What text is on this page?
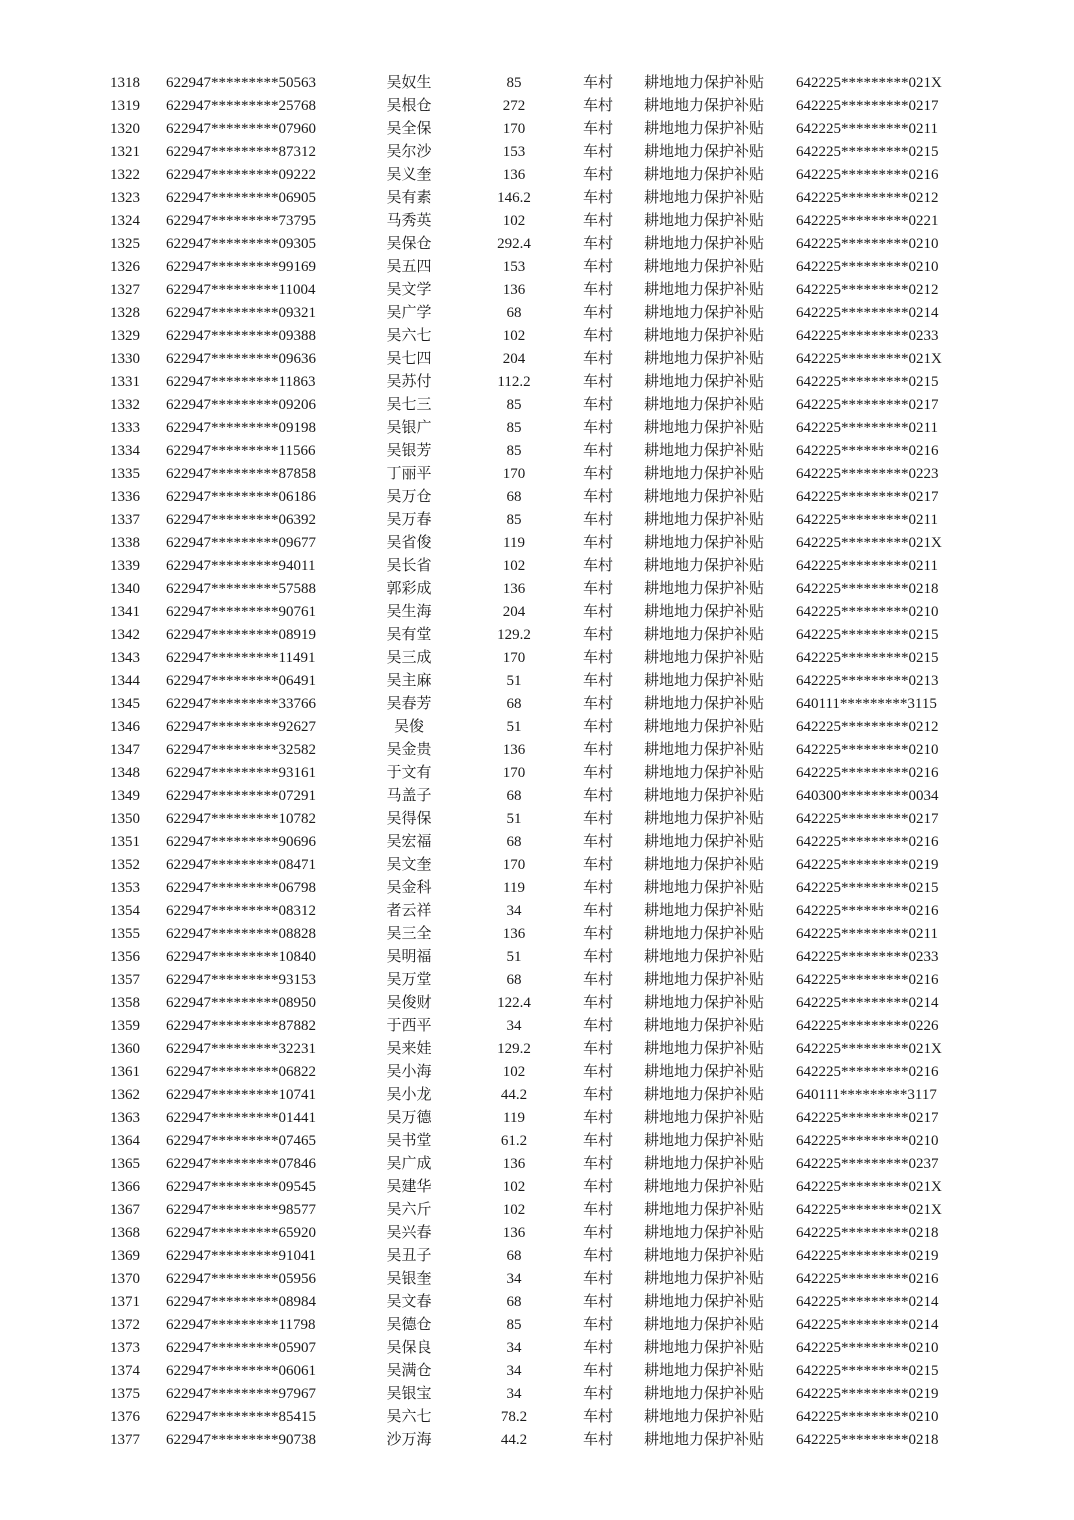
1318 622947*********50563	吴奴生	85	车村	耕地地力保护补贴 642225*********021X
1319 622947*********25768	吴根仓	272	车村	耕地地力保护补贴 642225*********0217
1320 622947*********07960	吴全保	170	车村	耕地地力保护补贴 642225*********0211
1321 622947*********87312	吴尔沙	153	车村	耕地地力保护补贴 642225*********0215
1322 622947*********09222	吴义奎	136	车村	耕地地力保护补贴 642225*********0216
1323 622947*********06905	吴有素	146.2	车村	耕地地力保护补贴 642225*********0212
1324 622947*********73795	马秀英	102	车村	耕地地力保护补贴 642225*********0221
1325 622947*********09305	吴保仓	292.4	车村	耕地地力保护补贴 642225*********0210
1326 622947*********99169	吴五四	153	车村	耕地地力保护补贴 642225*********0210
1327 622947*********11004	吴文学	136	车村	耕地地力保护补贴 642225*********0212
1328 622947*********09321	吴广学	68	车村	耕地地力保护补贴 642225*********0214
1329 622947*********09388	吴六七	102	车村	耕地地力保护补贴 642225*********0233
1330 622947*********09636	吴七四	204	车村	耕地地力保护补贴 642225*********021X
1331 622947*********11863	吴苏付	112.2	车村	耕地地力保护补贴 642225*********0215
1332 622947*********09206	吴七三	85	车村	耕地地力保护补贴 642225*********0217
1333 622947*********09198	吴银广	85	车村	耕地地力保护补贴 642225*********0211
1334 622947*********11566	吴银芳	85	车村	耕地地力保护补贴 642225*********0216
1335 622947*********87858	丁丽平	170	车村	耕地地力保护补贴 642225*********0223
1336 622947*********06186	吴万仓	68	车村	耕地地力保护补贴 642225*********0217
1337 622947*********06392	吴万春	85	车村	耕地地力保护补贴 642225*********0211
1338 622947*********09677	吴省俊	119	车村	耕地地力保护补贴 642225*********021X
1339 622947*********94011	吴长省	102	车村	耕地地力保护补贴 642225*********0211
1340 622947*********57588	郭彩成	136	车村	耕地地力保护补贴 642225*********0218
1341 622947*********90761	吴生海	204	车村	耕地地力保护补贴 642225*********0210
1342 622947*********08919	吴有堂	129.2	车村	耕地地力保护补贴 642225*********0215
1343 622947*********11491	吴三成	170	车村	耕地地力保护补贴 642225*********0215
1344 622947*********06491	吴主麻	51	车村	耕地地力保护补贴 642225*********0213
1345 622947*********33766	吴春芳	68	车村	耕地地力保护补贴 640111*********3115
1346 622947*********92627	吴俊	51	车村	耕地地力保护补贴 642225*********0212
1347 622947*********32582	吴金贵	136	车村	耕地地力保护补贴 642225*********0210
1348 622947*********93161	于文有	170	车村	耕地地力保护补贴 642225*********0216
1349 622947*********07291	马盖子	68	车村	耕地地力保护补贴 640300*********0034
1350 622947*********10782	吴得保	51	车村	耕地地力保护补贴 642225*********0217
1351 622947*********90696	吴宏福	68	车村	耕地地力保护补贴 642225*********0216
1352 622947*********08471	吴文奎	170	车村	耕地地力保护补贴 642225*********0219
1353 622947*********06798	吴金科	119	车村	耕地地力保护补贴 642225*********0215
1354 622947*********08312	者云祥	34	车村	耕地地力保护补贴 642225*********0216
1355 622947*********08828	吴三全	136	车村	耕地地力保护补贴 642225*********0211
1356 622947*********10840	吴明福	51	车村	耕地地力保护补贴 642225*********0233
1357 622947*********93153	吴万堂	68	车村	耕地地力保护补贴 642225*********0216
1358 622947*********08950	吴俊财	122.4	车村	耕地地力保护补贴 642225*********0214
1359 622947*********87882	于西平	34	车村	耕地地力保护补贴 642225*********0226
1360 622947*********32231	吴来娃	129.2	车村	耕地地力保护补贴 642225*********021X
1361 622947*********06822	吴小海	102	车村	耕地地力保护补贴 642225*********0216
1362 622947*********10741	吴小龙	44.2	车村	耕地地力保护补贴 640111*********3117
1363 622947*********01441	吴万德	119	车村	耕地地力保护补贴 642225*********0217
1364 622947*********07465	吴书堂	61.2	车村	耕地地力保护补贴 642225*********0210
1365 622947*********07846	吴广成	136	车村	耕地地力保护补贴 642225*********0237
1366 622947*********09545	吴建华	102	车村	耕地地力保护补贴 642225*********021X
1367 622947*********98577	吴六斤	102	车村	耕地地力保护补贴 642225*********021X
1368 622947*********65920	吴兴春	136	车村	耕地地力保护补贴 642225*********0218
1369 622947*********91041	吴丑子	68	车村	耕地地力保护补贴 642225*********0219
1370 622947*********05956	吴银奎	34	车村	耕地地力保护补贴 642225*********0216
1371 622947*********08984	吴文春	68	车村	耕地地力保护补贴 642225*********0214
1372 622947*********11798	吴德仓	85	车村	耕地地力保护补贴 642225*********0214
1373 622947*********05907	吴保良	34	车村	耕地地力保护补贴 642225*********0210
1374 622947*********06061	吴满仓	34	车村	耕地地力保护补贴 642225*********0215
1375 622947*********97967	吴银宝	34	车村	耕地地力保护补贴 642225*********0219
1376 622947*********85415	吴六七	78.2	车村	耕地地力保护补贴 642225*********0210
1377 622947*********90738	沙万海	44.2	车村	耕地地力保护补贴 642225*********0218
